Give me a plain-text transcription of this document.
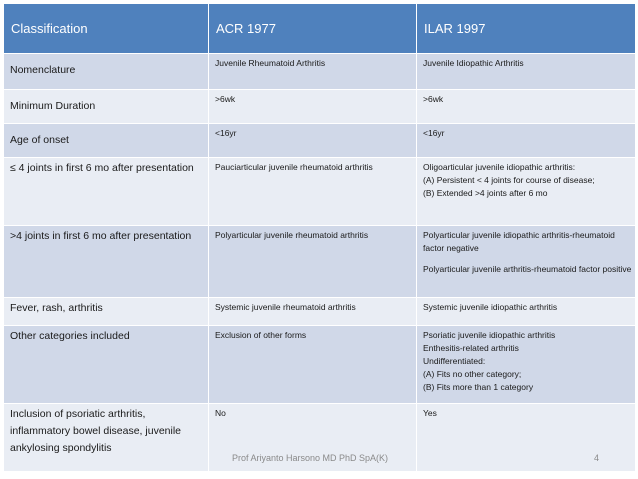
Classification	ACR 1977	ILAR 1997

Nomenclature	Juvenile Rheumatoid Arthritis	Juvenile Idiopathic Arthritis

Minimum Duration	>6wk	>6wk

Age of onset	<16yr	<16yr

≤ 4 joints in first 6 mo after presentation	Pauciarticular juvenile rheumatoid arthritis	Oligoarticular juvenile idiopathic arthritis:

(A) Persistent < 4 joints for course of disease;

(B) Extended >4 joints after 6 mo

>4 joints in first 6 mo after presentation	Polyarticular juvenile rheumatoid arthritis	Polyarticular juvenile idiopathic arthritis-rheumatoid factor negative

Polyarticular juvenile arthritis-rheumatoid factor positive

Fever, rash, arthritis	Systemic juvenile rheumatoid arthritis	Systemic juvenile idiopathic arthritis

Other categories included	Exclusion of other forms	Psoriatic juvenile idiopathic arthritis

Enthesitis-related arthritis

Undifferentiated:

(A) Fits no other category;

(B) Fits more than 1 category

Inclusion of psoriatic arthritis, inflammatory bowel disease, juvenile ankylosing spondylitis	No	Yes

Prof Ariyanto Harsono MD PhD SpA(K)	4
